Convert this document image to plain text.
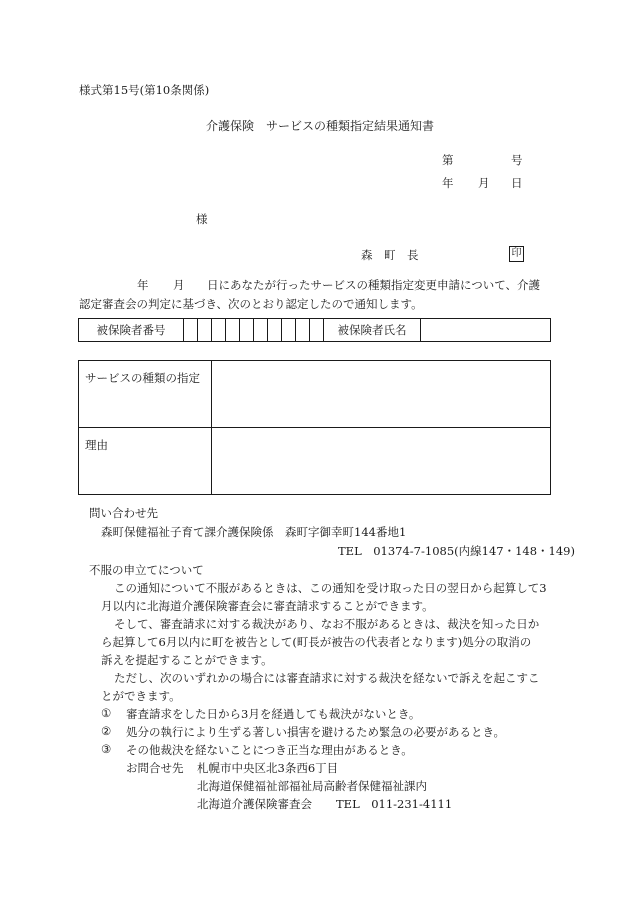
様式第15号(第10条関係)
介護保険　サービスの種類指定結果通知書
第	号
年 月 日
様
森　町　長	印
年 月 日にあなたが行ったサービスの種類指定変更申請について、介護
認定審査会の判定に基づき、次のとおり認定したので通知します。
被保険者番号											被保険者氏名	
サービスの種類の指定	
理由	
問い合わせ先
森町保健福祉子育て課介護保険係　森町字御幸町144番地1
TEL　01374-7-1085(内線147・148・149)
不服の申立てについて
この通知について不服があるときは、この通知を受け取った日の翌日から起算して3
月以内に北海道介護保険審査会に審査請求することができます。
そして、審査請求に対する裁決があり、なお不服があるときは、裁決を知った日か
ら起算して6月以内に町を被告として(町長が被告の代表者となります)処分の取消の
訴えを提起することができます。
ただし、次のいずれかの場合には審査請求に対する裁決を経ないで訴えを起こすこ
とができます。
① 審査請求をした日から3月を経過しても裁決がないとき。
② 処分の執行により生ずる著しい損害を避けるため緊急の必要があるとき。
③ その他裁決を経ないことにつき正当な理由があるとき。
お問合せ先 札幌市中央区北3条西6丁目
北海道保健福祉部福祉局高齢者保健福祉課内
北海道介護保険審査会 TEL　011-231-4111
